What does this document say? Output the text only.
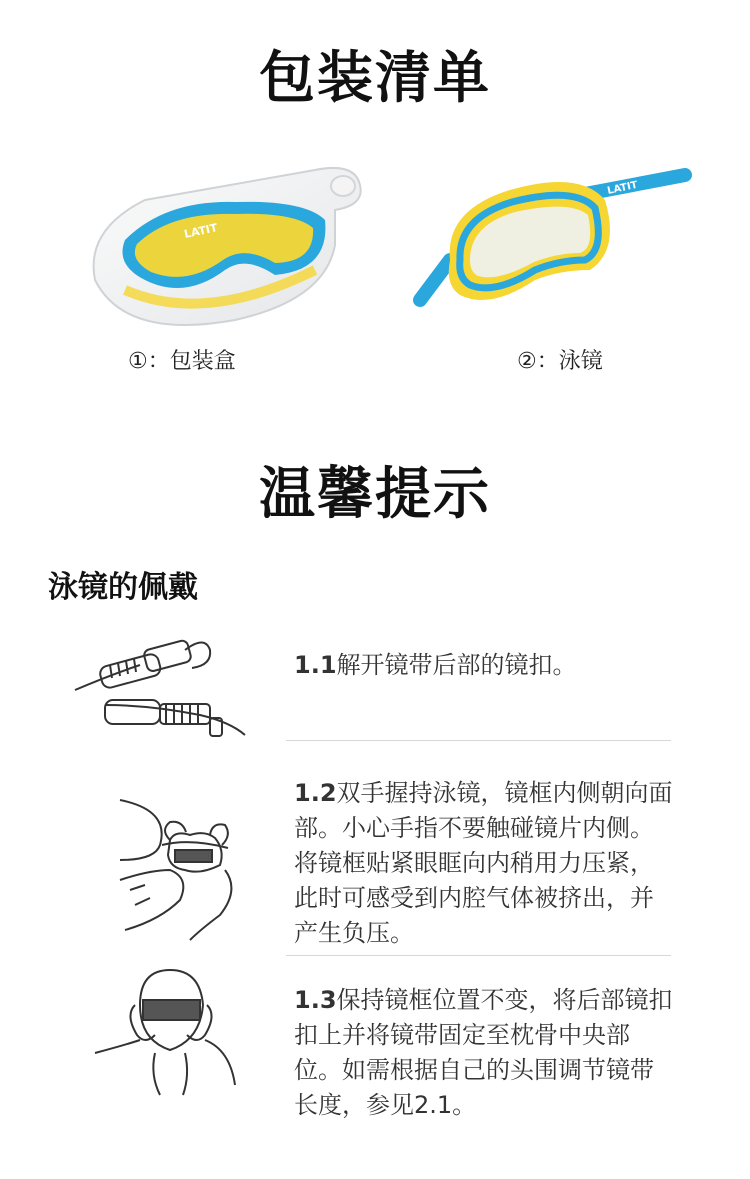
包装清单
LATIT
LATIT
①：包装盒	②：泳镜
温馨提示
泳镜的佩戴
1.1解开镜带后部的镜扣。
1.2双手握持泳镜，镜框内侧朝向面部。小心手指不要触碰镜片内侧。将镜框贴紧眼眶向内稍用力压紧，此时可感受到内腔气体被挤出，并产生负压。
1.3保持镜框位置不变，将后部镜扣扣上并将镜带固定至枕骨中央部位。如需根据自己的头围调节镜带长度，参见2.1。
